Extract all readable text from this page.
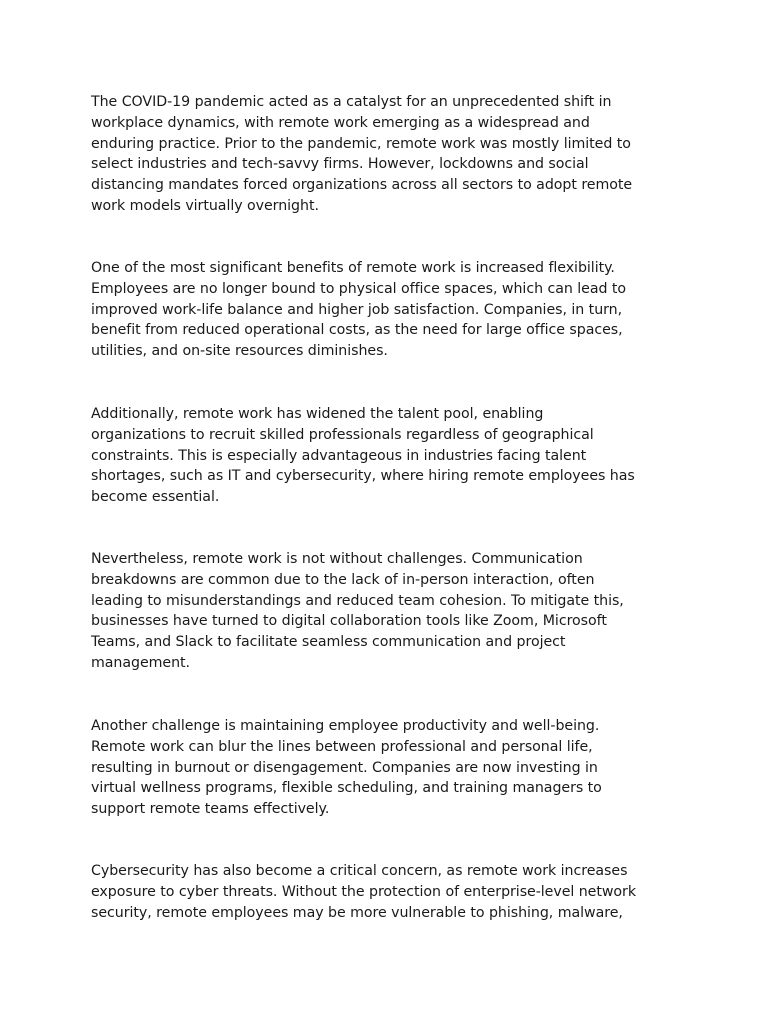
The COVID-19 pandemic acted as a catalyst for an unprecedented shift in
workplace dynamics, with remote work emerging as a widespread and
enduring practice. Prior to the pandemic, remote work was mostly limited to
select industries and tech-savvy firms. However, lockdowns and social
distancing mandates forced organizations across all sectors to adopt remote
work models virtually overnight.

One of the most significant benefits of remote work is increased flexibility.
Employees are no longer bound to physical office spaces, which can lead to
improved work-life balance and higher job satisfaction. Companies, in turn,
benefit from reduced operational costs, as the need for large office spaces,
utilities, and on-site resources diminishes.

Additionally, remote work has widened the talent pool, enabling
organizations to recruit skilled professionals regardless of geographical
constraints. This is especially advantageous in industries facing talent
shortages, such as IT and cybersecurity, where hiring remote employees has
become essential.

Nevertheless, remote work is not without challenges. Communication
breakdowns are common due to the lack of in-person interaction, often
leading to misunderstandings and reduced team cohesion. To mitigate this,
businesses have turned to digital collaboration tools like Zoom, Microsoft
Teams, and Slack to facilitate seamless communication and project
management.

Another challenge is maintaining employee productivity and well-being.
Remote work can blur the lines between professional and personal life,
resulting in burnout or disengagement. Companies are now investing in
virtual wellness programs, flexible scheduling, and training managers to
support remote teams effectively.

Cybersecurity has also become a critical concern, as remote work increases
exposure to cyber threats. Without the protection of enterprise-level network
security, remote employees may be more vulnerable to phishing, malware,
